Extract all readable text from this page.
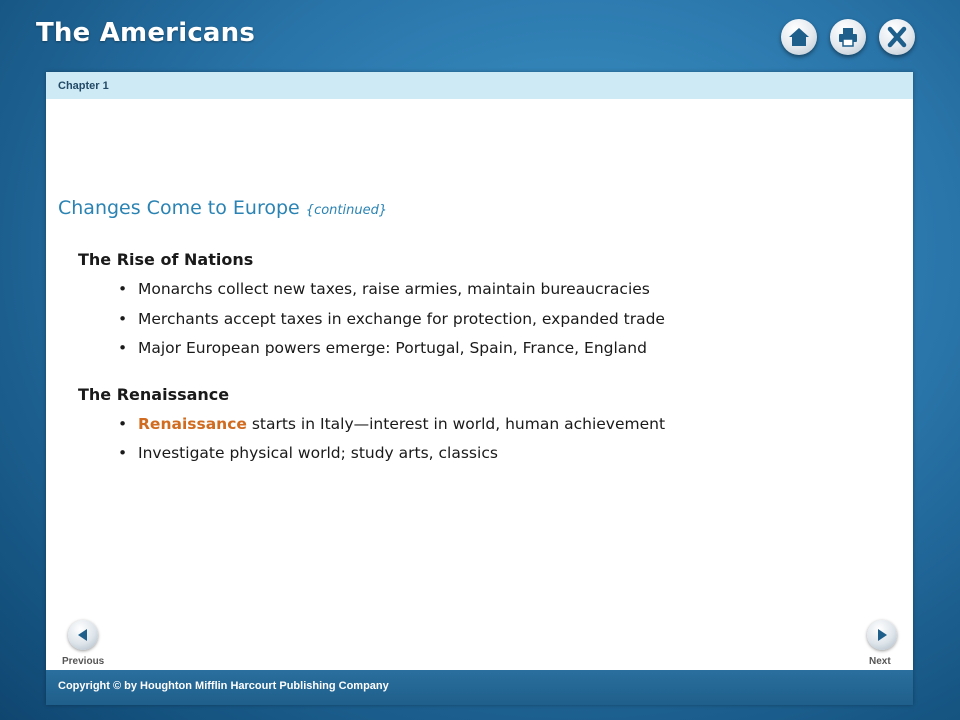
The Americans
Chapter 1
Changes Come to Europe {continued}
The Rise of Nations
• Monarchs collect new taxes, raise armies, maintain bureaucracies
• Merchants accept taxes in exchange for protection, expanded trade
• Major European powers emerge: Portugal, Spain, France, England
The Renaissance
• Renaissance starts in Italy—interest in world, human achievement
• Investigate physical world; study arts, classics
Previous	Next
Copyright © by Houghton Mifflin Harcourt Publishing Company
